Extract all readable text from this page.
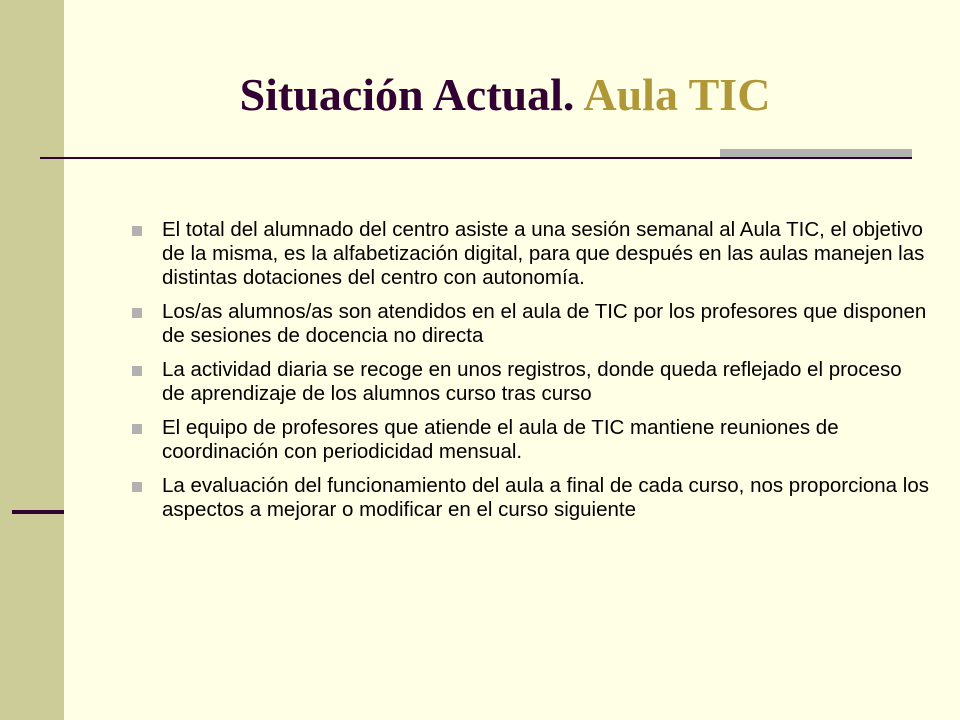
Situación Actual. Aula TIC
El total del alumnado del centro asiste a una sesión semanal al Aula TIC, el objetivo de la misma, es la alfabetización digital, para que después en las aulas manejen las distintas dotaciones del centro con autonomía.
Los/as alumnos/as son atendidos en el aula de TIC por los profesores que disponen de sesiones de docencia no directa
La actividad diaria se recoge en unos registros, donde queda reflejado el proceso de aprendizaje de los alumnos curso tras curso
El equipo de profesores que atiende el aula de TIC mantiene reuniones de coordinación con periodicidad mensual.
La evaluación del funcionamiento del aula a final de cada curso, nos proporciona los aspectos a mejorar o modificar en el curso siguiente
